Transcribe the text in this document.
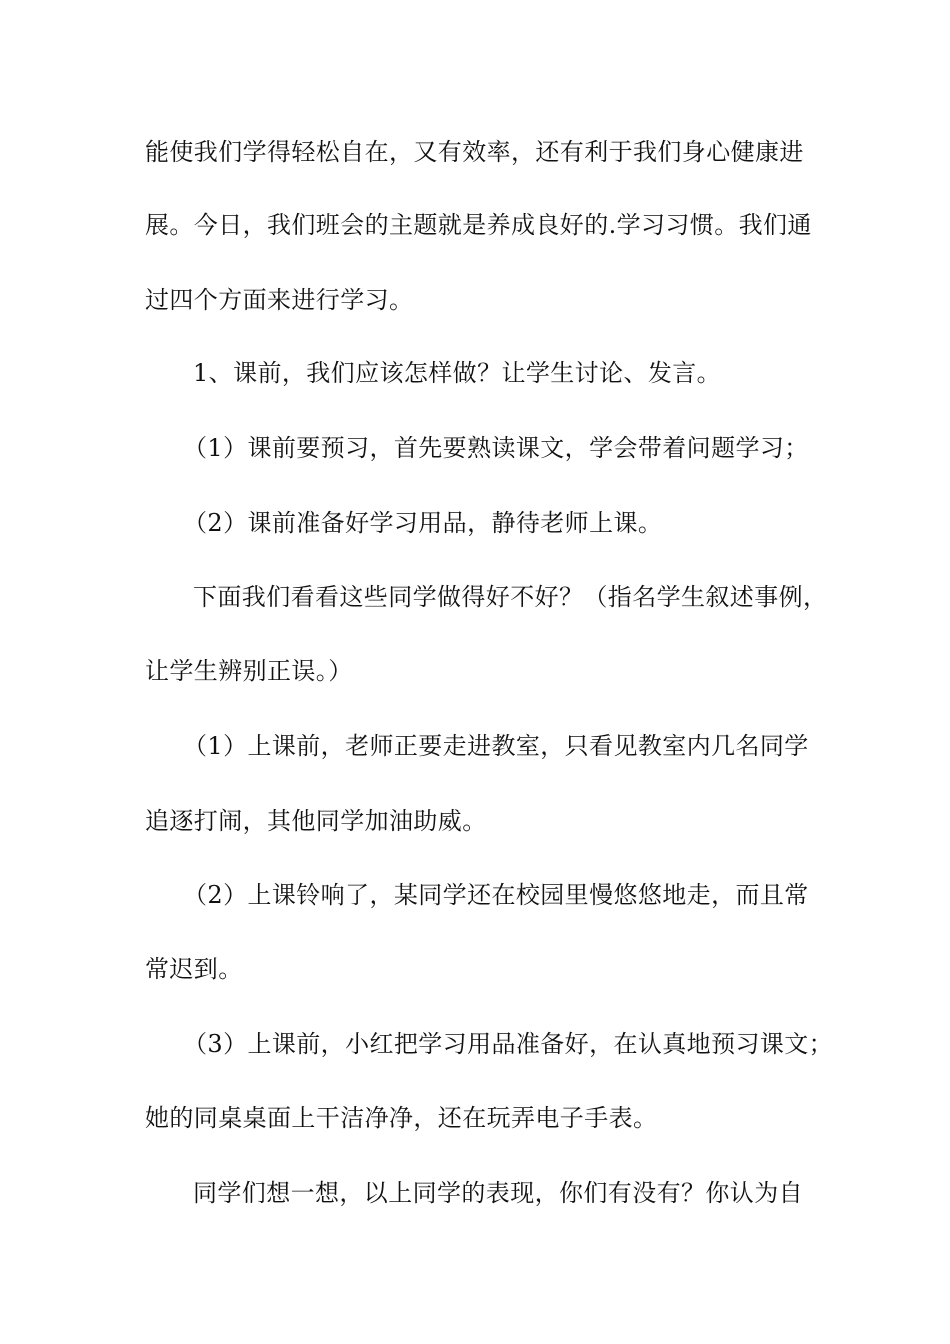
能使我们学得轻松自在，又有效率，还有利于我们身心健康进
展。今日，我们班会的主题就是养成良好的.学习习惯。我们通
过四个方面来进行学习。
1、课前，我们应该怎样做？让学生讨论、发言。
（1）课前要预习，首先要熟读课文，学会带着问题学习；
（2）课前准备好学习用品，静待老师上课。
下面我们看看这些同学做得好不好？（指名学生叙述事例，
让学生辨别正误。）
（1）上课前，老师正要走进教室，只看见教室内几名同学
追逐打闹，其他同学加油助威。
（2）上课铃响了，某同学还在校园里慢悠悠地走，而且常
常迟到。
（3）上课前，小红把学习用品准备好，在认真地预习课文；
她的同桌桌面上干洁净净，还在玩弄电子手表。
同学们想一想，以上同学的表现，你们有没有？你认为自
